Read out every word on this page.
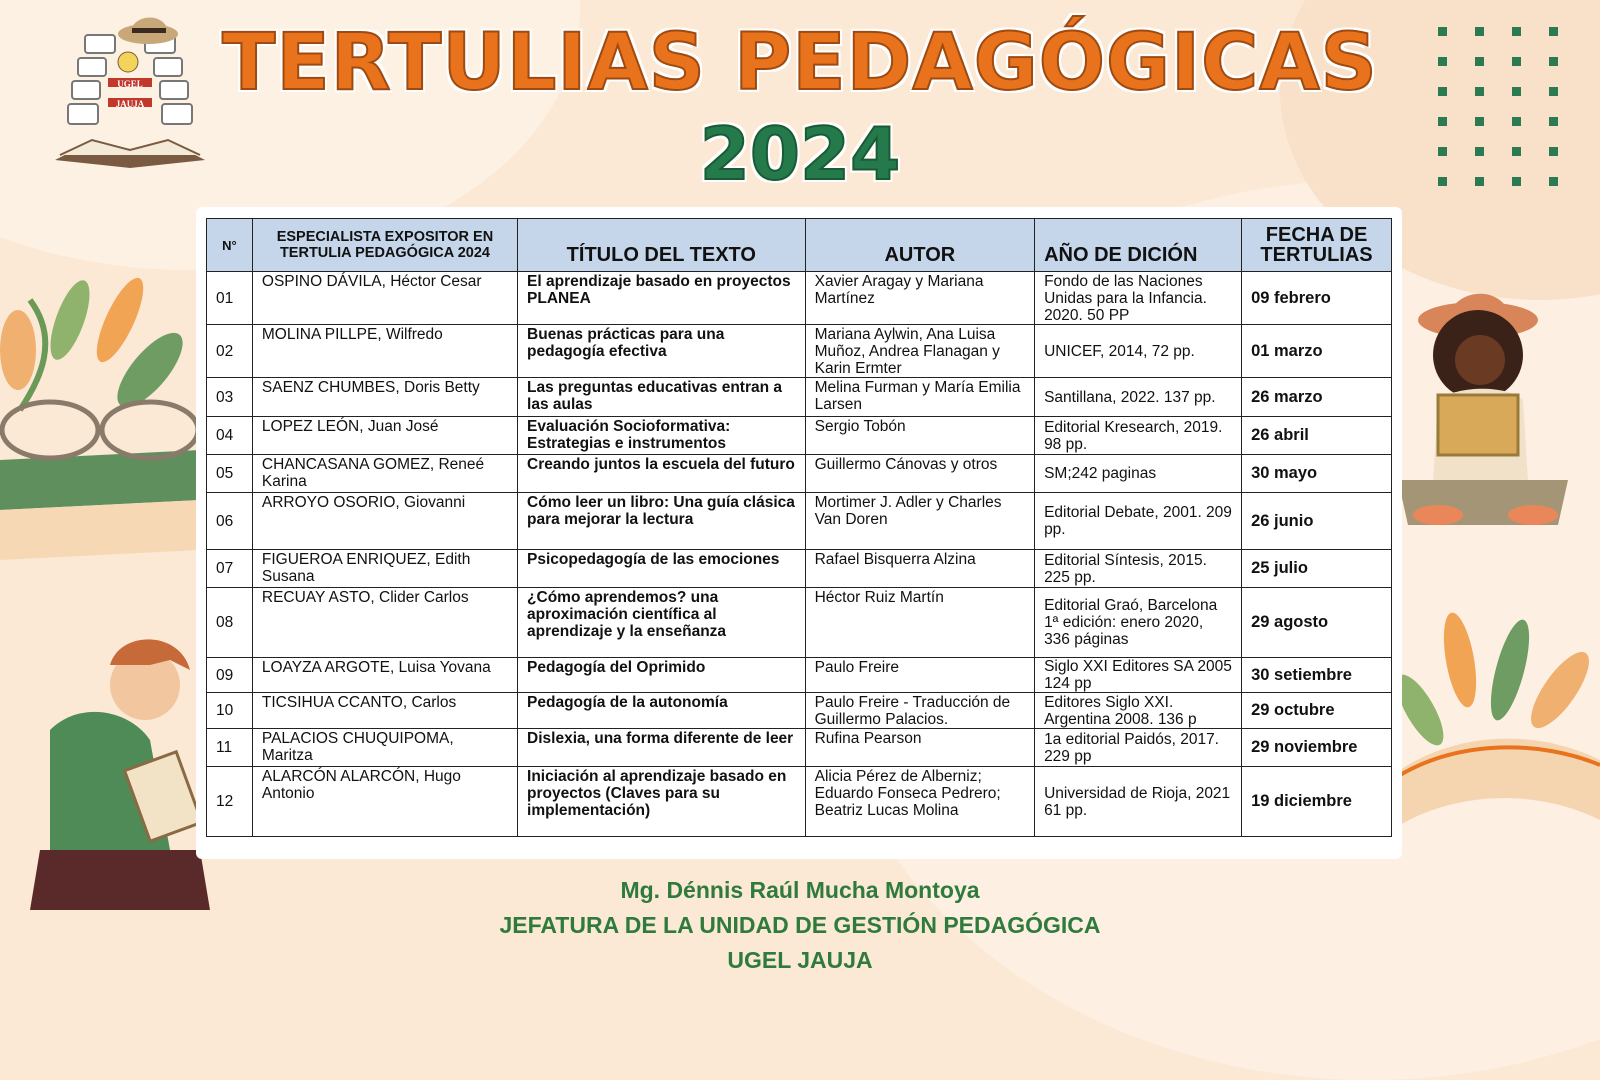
UGEL
JAUJA TERTULIAS PEDAGÓGICAS
2024
N°	ESPECIALISTA EXPOSITOR EN TERTULIA PEDAGÓGICA 2024	TÍTULO DEL TEXTO	AUTOR	AÑO DE DICIÓN	FECHA DE TERTULIAS
01	OSPINO DÁVILA, Héctor Cesar	El aprendizaje basado en proyectos PLANEA	Xavier Aragay y Mariana Martínez	Fondo de las Naciones Unidas para la Infancia. 2020. 50 PP	09 febrero
02	MOLINA PILLPE, Wilfredo	Buenas prácticas para una pedagogía efectiva	Mariana Aylwin, Ana Luisa Muñoz, Andrea Flanagan y Karin Ermter	UNICEF, 2014, 72 pp.	01 marzo
03	SAENZ CHUMBES, Doris Betty	Las preguntas educativas entran a las aulas	Melina Furman y María Emilia Larsen	Santillana, 2022. 137 pp.	26 marzo
04	LOPEZ LEÓN, Juan José	Evaluación Socioformativa: Estrategias e instrumentos	Sergio Tobón	Editorial Kresearch, 2019. 98 pp.	26 abril
05	CHANCASANA GOMEZ, Reneé Karina	Creando juntos la escuela del futuro	Guillermo Cánovas y otros	SM;242 paginas	30 mayo
06	ARROYO OSORIO, Giovanni	Cómo leer un libro: Una guía clásica para mejorar la lectura	Mortimer J. Adler y Charles Van Doren	Editorial Debate, 2001. 209 pp.	26 junio
07	FIGUEROA ENRIQUEZ, Edith Susana	Psicopedagogía de las emociones	Rafael Bisquerra Alzina	Editorial Síntesis, 2015. 225 pp.	25 julio
08	RECUAY ASTO, Clider Carlos	¿Cómo aprendemos? una aproximación científica al aprendizaje y la enseñanza	Héctor Ruiz Martín	Editorial Graó, Barcelona 1ª edición: enero 2020, 336 páginas	29 agosto
09	LOAYZA ARGOTE, Luisa Yovana	Pedagogía del Oprimido	Paulo Freire	Siglo XXI Editores SA 2005 124 pp	30 setiembre
10	TICSIHUA CCANTO, Carlos	Pedagogía de la autonomía	Paulo Freire - Traducción de Guillermo Palacios.	Editores Siglo XXI. Argentina 2008. 136 p	29 octubre
11	PALACIOS CHUQUIPOMA, Maritza	Dislexia, una forma diferente de leer	Rufina Pearson	1a editorial Paidós, 2017. 229 pp	29 noviembre
12	ALARCÓN ALARCÓN, Hugo Antonio	Iniciación al aprendizaje basado en proyectos (Claves para su implementación)	Alicia Pérez de Alberniz; Eduardo Fonseca Pedrero; Beatriz Lucas Molina	Universidad de Rioja, 2021 61 pp.	19 diciembre
Mg. Dénnis Raúl Mucha Montoya
JEFATURA DE LA UNIDAD DE GESTIÓN PEDAGÓGICA
UGEL JAUJA
